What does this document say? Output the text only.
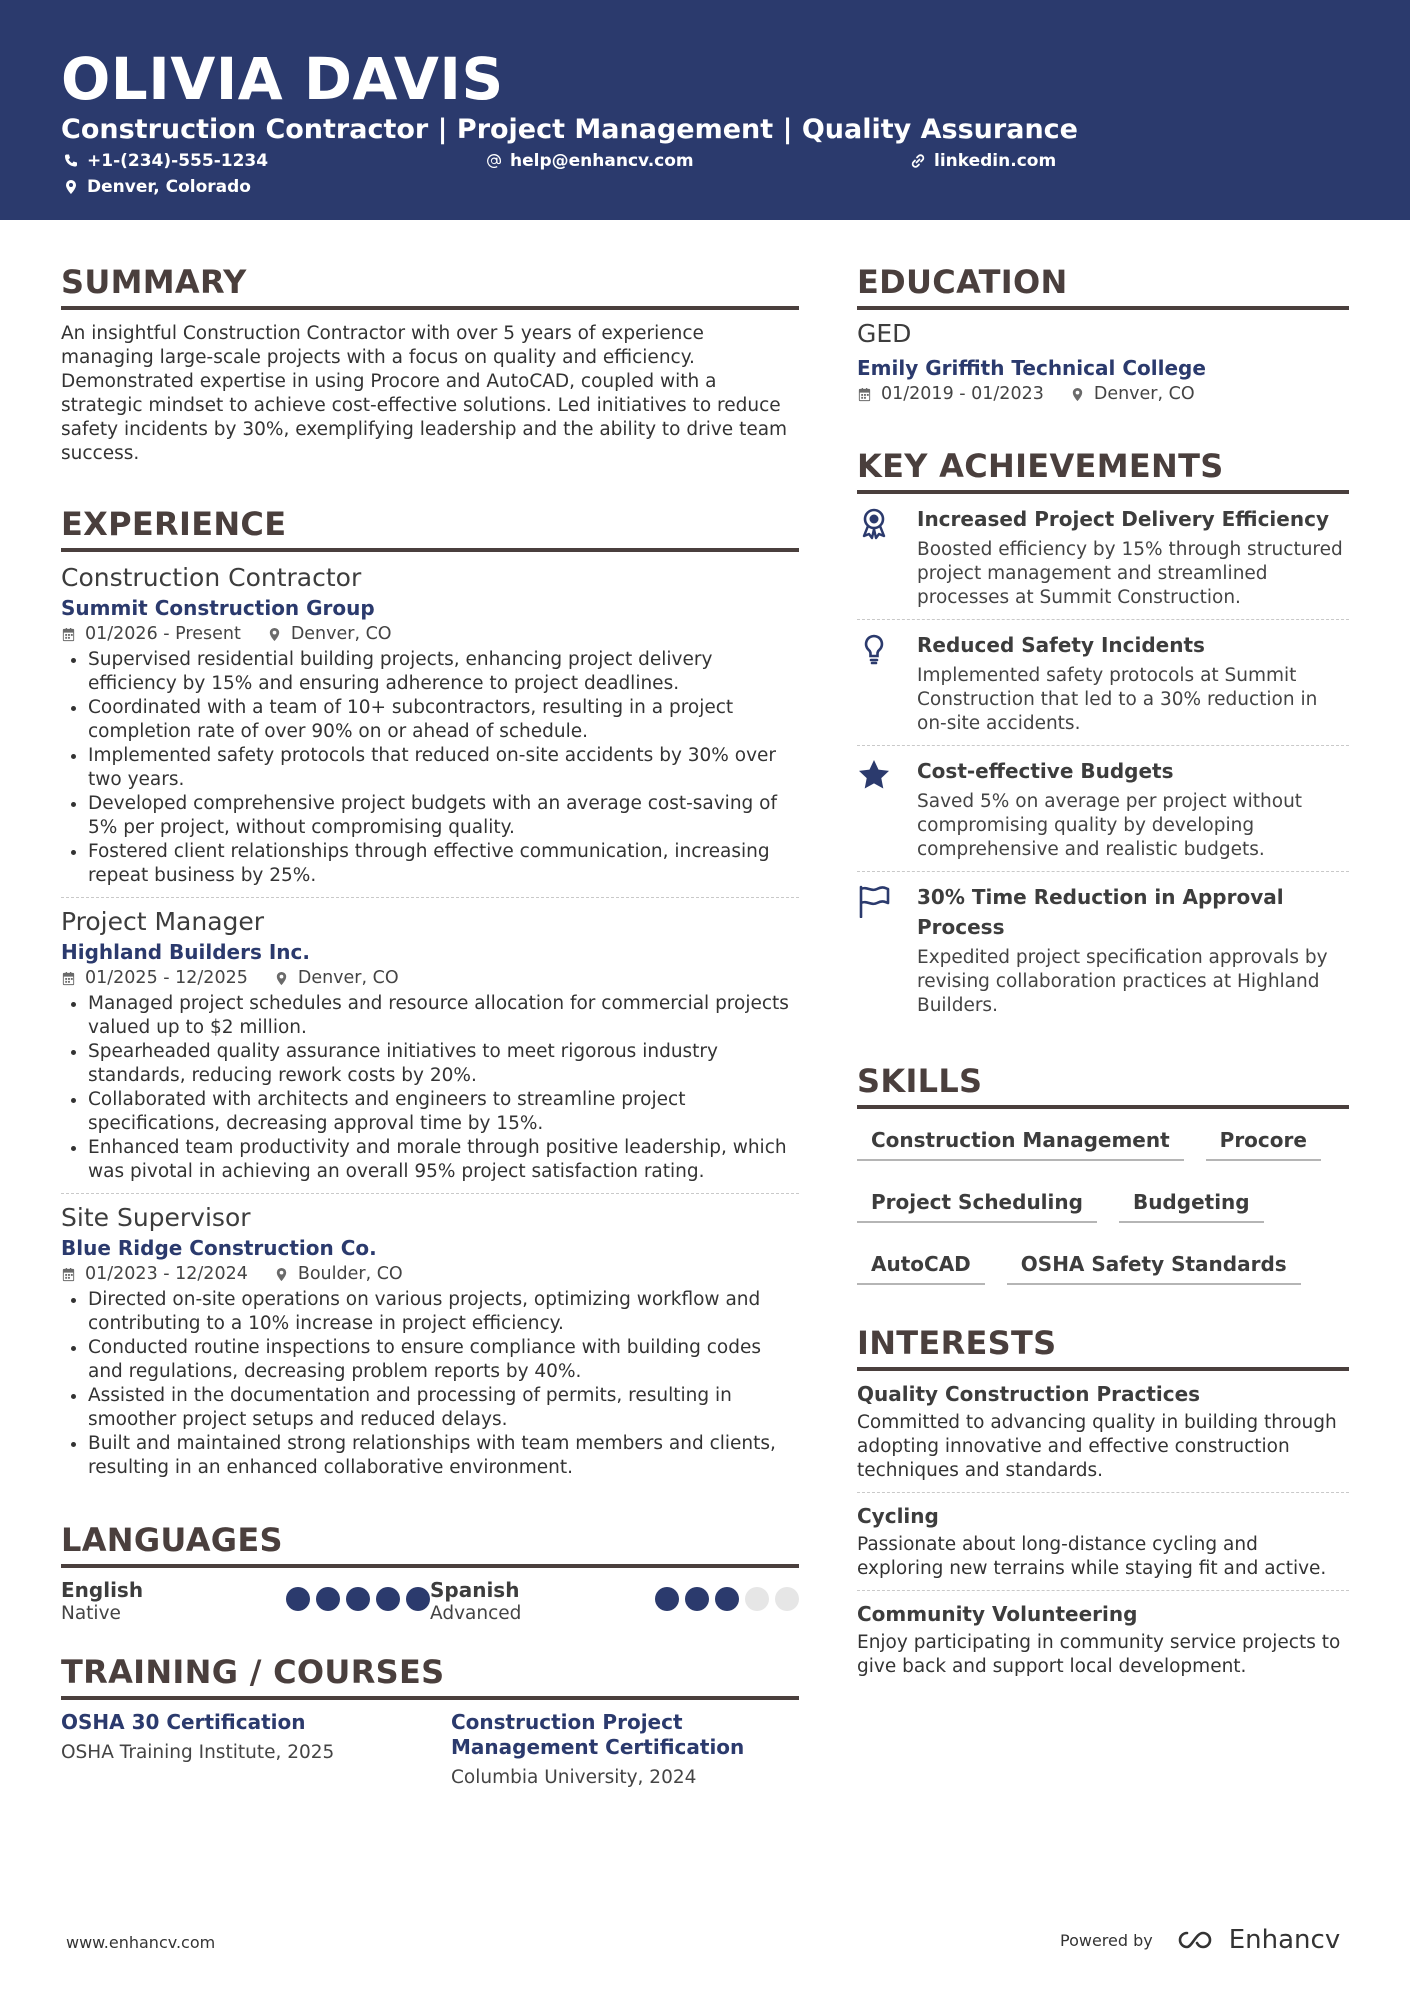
OLIVIA DAVIS
Construction Contractor | Project Management | Quality Assurance
+1-(234)-555-1234	help@enhancv.com	linkedin.com
Denver, Colorado
SUMMARY
An insightful Construction Contractor with over 5 years of experience managing large-scale projects with a focus on quality and efficiency. Demonstrated expertise in using Procore and AutoCAD, coupled with a strategic mindset to achieve cost-effective solutions. Led initiatives to reduce safety incidents by 30%, exemplifying leadership and the ability to drive team success.
EXPERIENCE
Construction Contractor
Summit Construction Group
01/2026 - Present	Denver, CO
Supervised residential building projects, enhancing project delivery efficiency by 15% and ensuring adherence to project deadlines.
Coordinated with a team of 10+ subcontractors, resulting in a project completion rate of over 90% on or ahead of schedule.
Implemented safety protocols that reduced on-site accidents by 30% over two years.
Developed comprehensive project budgets with an average cost-saving of 5% per project, without compromising quality.
Fostered client relationships through effective communication, increasing repeat business by 25%.
Project Manager
Highland Builders Inc.
01/2025 - 12/2025	Denver, CO
Managed project schedules and resource allocation for commercial projects valued up to $2 million.
Spearheaded quality assurance initiatives to meet rigorous industry standards, reducing rework costs by 20%.
Collaborated with architects and engineers to streamline project specifications, decreasing approval time by 15%.
Enhanced team productivity and morale through positive leadership, which was pivotal in achieving an overall 95% project satisfaction rating.
Site Supervisor
Blue Ridge Construction Co.
01/2023 - 12/2024	Boulder, CO
Directed on-site operations on various projects, optimizing workflow and contributing to a 10% increase in project efficiency.
Conducted routine inspections to ensure compliance with building codes and regulations, decreasing problem reports by 40%.
Assisted in the documentation and processing of permits, resulting in smoother project setups and reduced delays.
Built and maintained strong relationships with team members and clients, resulting in an enhanced collaborative environment.
LANGUAGES
English
Native
Spanish
Advanced
TRAINING / COURSES
OSHA 30 Certification
OSHA Training Institute, 2025
Construction Project Management Certification
Columbia University, 2024
EDUCATION
GED
Emily Griffith Technical College
01/2019 - 01/2023	Denver, CO
KEY ACHIEVEMENTS
Increased Project Delivery Efficiency
Boosted efficiency by 15% through structured project management and streamlined processes at Summit Construction.
Reduced Safety Incidents
Implemented safety protocols at Summit Construction that led to a 30% reduction in on-site accidents.
Cost-effective Budgets
Saved 5% on average per project without compromising quality by developing comprehensive and realistic budgets.
30% Time Reduction in Approval Process
Expedited project specification approvals by revising collaboration practices at Highland Builders.
SKILLS
Construction Management	Procore
Project Scheduling	Budgeting
AutoCAD	OSHA Safety Standards
INTERESTS
Quality Construction Practices
Committed to advancing quality in building through adopting innovative and effective construction techniques and standards.
Cycling
Passionate about long-distance cycling and exploring new terrains while staying fit and active.
Community Volunteering
Enjoy participating in community service projects to give back and support local development.
www.enhancv.com	Powered by	Enhancv
